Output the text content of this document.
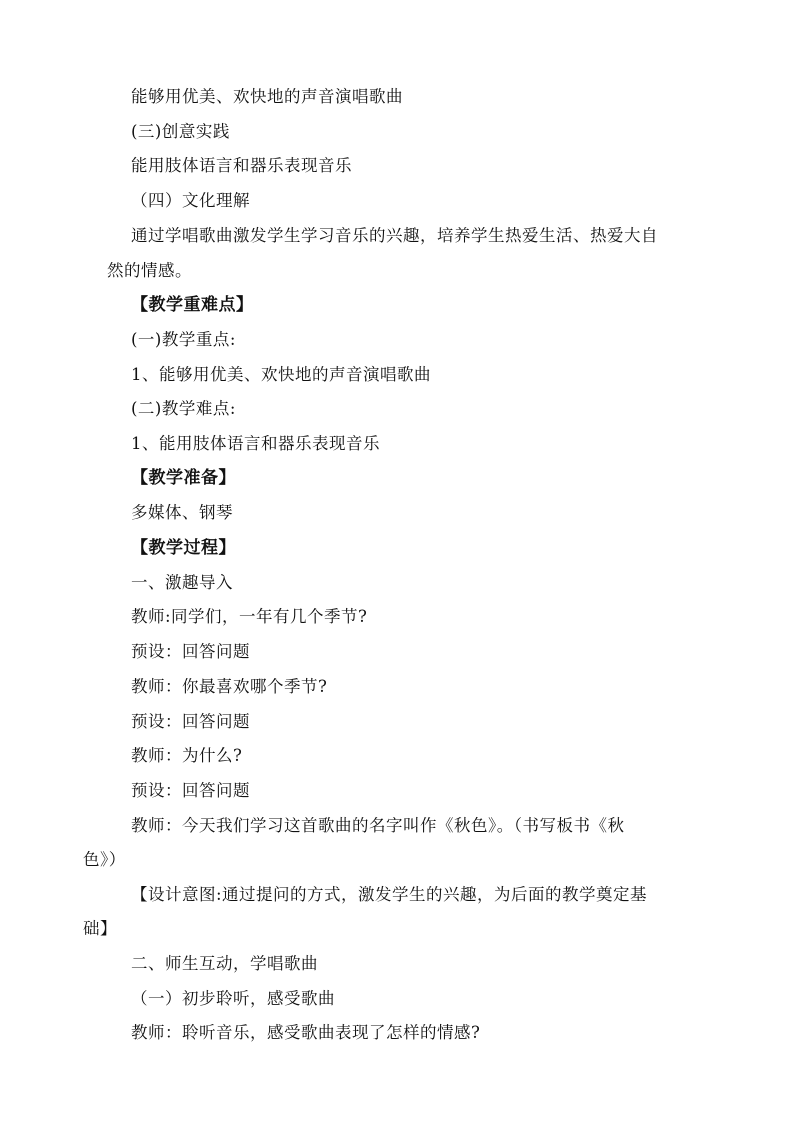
能够用优美、欢快地的声音演唱歌曲
(三)创意实践
能用肢体语言和器乐表现音乐
（四）文化理解
通过学唱歌曲激发学生学习音乐的兴趣，培养学生热爱生活、热爱大自
然的情感。
【教学重难点】
(一)教学重点:
1、能够用优美、欢快地的声音演唱歌曲
(二)教学难点:
1、能用肢体语言和器乐表现音乐
【教学准备】
多媒体、钢琴
【教学过程】
一、激趣导入
教师:同学们，一年有几个季节?
预设：回答问题
教师：你最喜欢哪个季节?
预设：回答问题
教师：为什么?
预设：回答问题
教师：今天我们学习这首歌曲的名字叫作《秋色》。（书写板书《秋
色》）
【设计意图:通过提问的方式，激发学生的兴趣，为后面的教学奠定基
础】
二、师生互动，学唱歌曲
（一）初步聆听，感受歌曲
教师：聆听音乐，感受歌曲表现了怎样的情感?
